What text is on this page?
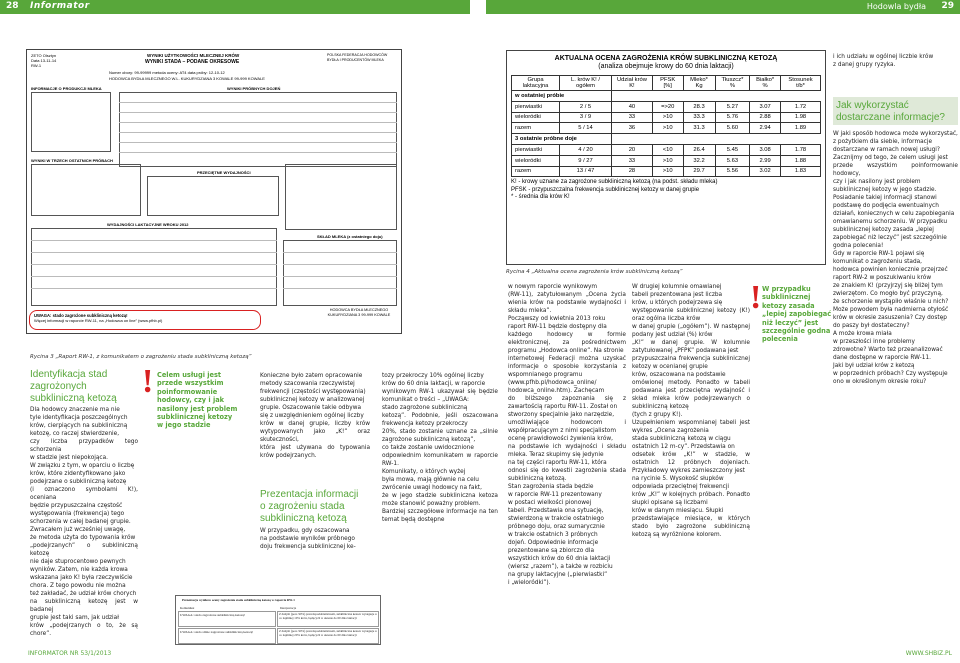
28 Informator	Hodowla bydła 29
ZETO Olsztyn
Data 13-11-14
RW-1
WYNIKI UŻYTKOWOŚCI MLECZNEJ KRÓW
WYNIKI STADA – PODANE OKRESOWE
POLSKA FEDERACJA HODOWCÓW BYDŁA I PRODUCENTÓW MLEKA
Numer obory: 99-99999 metoda oceny: AT4 data próby: 12-10-12
HODOWCA BYDŁA MLECZNEGO W.L. KUKURYDZIANA 3 KOWALE 99-999 KOWALE
INFORMACJE O PRODUKCJI MLEKA	WYNIKI PRÓBNYCH DOJEŃ
WYNIKI W TRZECH OSTATNICH PRÓBACH
PRZECIĘTNE WYDAJNOŚCI
WYDAJNOŚCI LAKTACYJNE WROKU 2012
SKŁAD MLEKA (z ostatniego doju)
UWAGA: stado zagrożone subkliniczną ketozą!
Więcej informacji w raporcie RW-11, na „Hodowca on line” (www.pfhb.pl)
HODOWCA BYDŁA MLECZNEGO KUKURYDZIANA 3 99-999 KOWALE
Rycina 3 „Raport RW-1, z komunikatem o zagrożeniu stada subkliniczną ketozą”
Identyfikacja stad
zagrożonych
subkliniczną ketozą

Dla hodowcy znaczenie ma nie

tyle identyfikacja poszczególnych

krów, cierpiących na subkliniczną

ketozę, co raczej stwierdzenie,

czy liczba przypadków tego schorzenia

w stadzie jest niepokojąca.

W związku z tym, w oparciu o liczbę

krów, które zidentyfikowano jako

podejrzane o subkliniczną ketozę

(i oznaczono symbolami K!), oceniana

będzie przypuszczalna częstość

występowania (frekwencja) tego

schorzenia w całej badanej grupie.

Zwracałem już wcześniej uwagę,

że metoda użyta do typowania krów

„podejrzanych” o subkliniczną ketozę

nie daje stuprocentowo pewnych

wyników. Zatem, nie każda krowa

wskazana jako K! była rzeczywiście

chora. Z tego powodu nie można

też zakładać, że udział krów chorych

na subkliniczną ketozę jest w badanej

grupie jest taki sam, jak udział

krów „podejrzanych o to, że są chore”.

! Celem usługi jest

przede wszystkim

poinformowanie

hodowcy, czy i jak

nasilony jest problem

subklinicznej ketozy

w jego stadzie

Konieczne było zatem opracowanie

metody szacowania rzeczywistej

frekwencji (częstości występowania)

subklinicznej ketozy w analizowanej

grupie. Oszacowanie takie odbywa

się z uwzględnieniem ogólnej liczby

krów w danej grupie, liczby krów wytypowanych jako „K!” oraz skuteczności,

która jest używana do typowania krów podejrzanych.

Prezentacja informacji
o zagrożeniu stada
subkliniczną ketozą

W przypadku, gdy oszacowana

na podstawie wyników próbnego

doju frekwencja subklinicznej ke-

tozy przekroczy 10% ogólnej liczby

krów do 60 dnia laktacji, w raporcie

wynikowym RW-1 ukazywał się będzie komunikat o treści – „UWAGA:

stado zagrożone subkliniczną

ketozą”. Podobnie, jeśli oszacowana frekwencja ketozy przekroczy

20%, stado zostanie uznane za „silnie zagrożone subkliniczną ketozą”,

co także zostanie uwidocznione

odpowiednim komunikatem w raporcie RW-1.

Komunikaty, o których wyżej

była mowa, mają głównie na celu

zwrócenie uwagi hodowcy na fakt,

że w jego stadzie subkliniczna ketoza może stanowić poważny problem.

Bardziej szczegółowe informacje na ten temat będą dostępne

Prezentacja wyników oceny zagrożenia stada subkliniczną ketozą w raporcie RW-1
Komunikat	Interpretacja
UWAGA: stado zagrożone subkliniczną ketozą!	Z dużym (pow. 90%) prawdopodobieństwem, subkliniczna ketoza występuje u co najmniej 10% krów, będących w okresie do 60 dnia laktacji
UWAGA: stado silnie zagrożone subkliniczną ketozą!	Z dużym (pow. 90%) prawdopodobieństwem, subkliniczna ketoza występuje u co najmniej 20% krów, będących w okresie do 60 dnia laktacji
AKTUALNA OCENA ZAGROŻENIA KRÓW SUBKLINICZNĄ KETOZĄ
(analiza obejmuje krowy do 60 dnia laktacji)
Grupa laktacyjna	L. krów K! / ogółem	Udział krów K!	PFSK [%]	Mleko* Kg	Tłuszcz* %	Białko* %	Stosunek t/b*
w ostatniej próbie							
pierwiastki	2 / 5	40	=>20	28.3	5.27	3.07	1.72
wieloródki	3 / 9	33	>10	33.3	5.76	2.88	1.98
razem	5 / 14	36	>10	31.3	5.60	2.94	1.89
3 ostatnie próbne doje							
pierwiastki	4 / 20	20	<10	26.4	5.45	3.08	1.78
wieloródki	9 / 27	33	>10	32.2	5.63	2.99	1.88
razem	13 / 47	28	>10	29.7	5.56	3.02	1.83
K! - krowy uznane za zagrożone subkliniczną ketozą (na podst. składu mleka)
PFSK - przypuszczalna frekwencja subklinicznej ketozy w danej grupie
* - średnia dla krów K!
Rycina 4 „Aktualna ocena zagrożenia krów subkliniczną ketozą”

w nowym raporcie wynikowym

(RW-11), zatytułowanym „Ocena życia wienia krów na podstawie wydajności i składu mleka”.

Począwszy od kwietnia 2013 roku

raport RW-11 będzie dostępny dla

każdego hodowcy w formie elektronicznej, za pośrednictwem programu „Hodowca online”. Na stronie

internetowej Federacji można uzyskać informacje o sposobie korzystania z wspomnianego programu

(www.pfhb.pl/hodowca_online/

hodowca_online.htm). Zachęcam

do bliższego zapoznania się z zawartością raportu RW-11. Został on

stworzony specjalnie jako narzędzie,

umożliwiające hodowcom i współpracującym z nimi specjalistom

ocenę prawidłowości żywienia krów,

na podstawie ich wydajności i składu mleka. Teraz skupimy się jedynie

na tej części raportu RW-11, która

odnosi się do kwestii zagrożenia stada subkliniczną ketozą.

Stan zagrożenia stada będzie

w raporcie RW-11 prezentowany

w postaci wielkości pionowej

tabeli. Przedstawia ona sytuację,

stwierdzoną w trakcie ostatniego

próbnego doju, oraz sumarycznie

w trakcie ostatnich 3 próbnych

dojeń. Odpowiednie informacje

prezentowane są zbiorczo dla

wszystkich krów do 60 dnia laktacji

(wiersz „razem”), a także w rozbiciu

na grupy laktacyjne („pierwiastki”

i „wieloródki”).

W drugiej kolumnie omawianej

tabeli prezentowana jest liczba

krów, u których podejrzewa się

występowanie subklinicznej ketozy (K!) oraz ogólna liczba krów

w danej grupie („ogółem”). W następnej podany jest udział (%) krów

„K!” w danej grupie. W kolumnie zatytułowanej „PFPK” podawana jest

przypuszczalna frekwencja subklinicznej ketozy w ocenianej grupie

krów, oszacowana na podstawie

omówionej metody. Ponadto w tabeli podawana jest przeciętna wydajność i skład mleka krów podejrzewanych o subkliniczną ketozę

(tych z grupy K!).

Uzupełnieniem wspomnianej tabeli jest wykres „Ocena zagrożenia

stada subkliniczną ketozą w ciągu

ostatnich 12 m-cy”. Przedstawia on

odsetek krów „K!” w stadzie, w ostatnich 12 próbnych dojeniach. Przykładowy wykres zamieszczony jest

na rycinie 5. Wysokość słupków

odpowiada przeciętnej frekwencji

krów „K!” w kolejnych próbach. Ponadto słupki opisane są liczbami

krów w danym miesiącu. Słupki

przedstawiające miesiące, w których stado było zagrożone subkliniczną ketozą są wyróżnione kolorem.

! W przypadku

subklinicznej

ketozy zasada

„lepiej zapobiegać

niż leczyć” jest

szczególnie godna

polecenia

i ich udziału w ogólnej liczbie krów

z danej grupy ryzyka.

Jak wykorzystać
dostarczane informacje?

W jaki sposób hodowca może wykorzystać,

z pożytkiem dla siebie, informacje

dostarczane w ramach nowej usługi?

Zacznijmy od tego, że celem usługi jest

przede wszystkim poinformowanie hodowcy,

czy i jak nasilony jest problem

subklinicznej ketozy w jego stadzie.

Posiadanie takiej informacji stanowi

podstawę do podjęcia ewentualnych

działań, koniecznych w celu zapobiegania

omawianemu schorzeniu. W przypadku

subklinicznej ketozy zasada „lepiej

zapobiegać niż leczyć” jest szczególnie

godna polecenia!

Gdy w raporcie RW-1 pojawi się

komunikat o zagrożeniu stada,

hodowca powinien koniecznie przejrzeć

raport RW-2 w poszukiwaniu krów

ze znakiem K! (przyjrzyj się bliżej tym

zwierzętom. Co mogło być przyczyną,

że schorzenie wystąpiło właśnie u nich?

Może powodem była nadmierna otyłość

krów w okresie zasuszenia? Czy dostęp

do paszy był dostateczny?

A może krowa miała

w przeszłości inne problemy

zdrowotne? Warto też przeanalizować

dane dostępne w raporcie RW-11.

Jaki był udział krów z ketozą

w poprzednich próbach? Czy występuje

ono w określonym okresie roku?

INFORMATOR NR 53/1/2013	WWW.SHBIZ.PL
